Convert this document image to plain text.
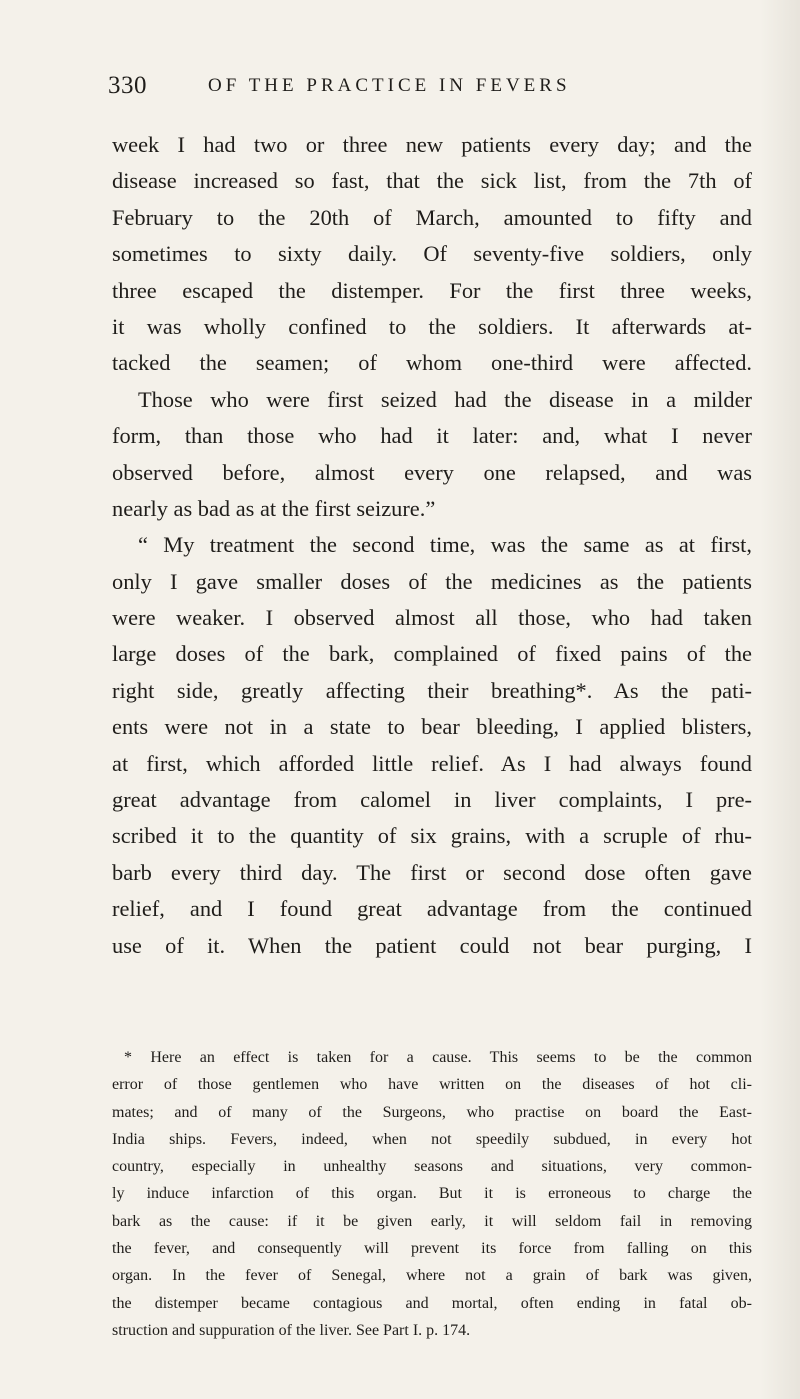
330	OF THE PRACTICE IN FEVERS
week I had two or three new patients every day; and the
disease increased so fast, that the sick list, from the 7th of
February to the 20th of March, amounted to fifty and
sometimes to sixty daily. Of seventy-five soldiers, only
three escaped the distemper. For the first three weeks,
it was wholly confined to the soldiers. It afterwards at-
tacked the seamen; of whom one-third were affected.
Those who were first seized had the disease in a milder
form, than those who had it later: and, what I never
observed before, almost every one relapsed, and was
nearly as bad as at the first seizure.”
“ My treatment the second time, was the same as at first,
only I gave smaller doses of the medicines as the patients
were weaker. I observed almost all those, who had taken
large doses of the bark, complained of fixed pains of the
right side, greatly affecting their breathing*. As the pati-
ents were not in a state to bear bleeding, I applied blisters,
at first, which afforded little relief. As I had always found
great advantage from calomel in liver complaints, I pre-
scribed it to the quantity of six grains, with a scruple of rhu-
barb every third day. The first or second dose often gave
relief, and I found great advantage from the continued
use of it. When the patient could not bear purging, I
* Here an effect is taken for a cause. This seems to be the common
error of those gentlemen who have written on the diseases of hot cli-
mates; and of many of the Surgeons, who practise on board the East-
India ships. Fevers, indeed, when not speedily subdued, in every hot
country, especially in unhealthy seasons and situations, very common-
ly induce infarction of this organ. But it is erroneous to charge the
bark as the cause: if it be given early, it will seldom fail in removing
the fever, and consequently will prevent its force from falling on this
organ. In the fever of Senegal, where not a grain of bark was given,
the distemper became contagious and mortal, often ending in fatal ob-
struction and suppuration of the liver. See Part I. p. 174.
